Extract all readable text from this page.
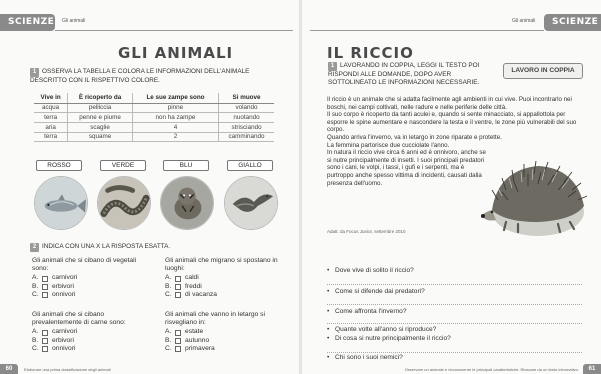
SCIENZE Gli animali
GLI ANIMALI
1 OSSERVA LA TABELLA E COLORA LE INFORMAZIONI DELL'ANIMALE DESCRITTO CON IL RISPETTIVO COLORE.
Vive in	È ricoperto da	Le sue zampe sono	Si muove
acqua	pelliccia	pinne	volando
terra	penne e piume	non ha zampe	nuotando
aria	scaglie	4	strisciando
terra	squame	2	camminando
ROSSO	VERDE	BLU	GIALLO
2 INDICA CON UNA X LA RISPOSTA ESATTA.
Gli animali che si cibano di vegetali sono:
A. carnivori
B. erbivori
C. onnivori
Gli animali che si cibano prevalentemente di carne sono:
A. carnivori
B. erbivori
C. onnivori
Gli animali che migrano si spostano in luoghi:
A. caldi
B. freddi
C. di vacanza
Gli animali che vanno in letargo si risvegliano in:
A. estate
B. autunno
C. primavera
60	Elaborare una prima classificazione degli animali
SCIENZE
Gli animali
IL RICCIO
1 LAVORANDO IN COPPIA, LEGGI IL TESTO POI RISPONDI ALLE DOMANDE, DOPO AVER SOTTOLINEATO LE INFORMAZIONI NECESSARIE.
LAVORO IN COPPIA

Il riccio è un animale che si adatta facilmente agli ambienti in cui vive. Puoi incontrarlo nei boschi, nei campi coltivati, nelle radure e nelle periferie delle città.

Il suo corpo è ricoperto da tanti aculei e, quando si sente minacciato, si appallottola per esporre le spine aumentare e nascondere la testa e il ventre, le zone più vulnerabili del suo corpo.

Quando arriva l'inverno, va in letargo in zone riparate e protette.

La femmina partorisce due cucciolate l'anno.

In natura il riccio vive circa 6 anni ed è onnivoro, anche se si nutre principalmente di insetti. I suoi principali predatori sono i cani, le volpi, i tassi, i gufi e i serpenti, ma è purtroppo anche spesso vittima di incidenti, causati dalla presenza dell'uomo.

Adatt. da Focus Junior, settembre 2010
• Dove vive di solito il riccio?
• Come si difende dai predatori?
• Come affronta l'inverno?
• Quante volte all'anno si riproduce?
• Di cosa si nutre principalmente il riccio?
• Chi sono i suoi nemici?
61
Osservare un animale e riconoscerne le principali caratteristiche. Ricavare da un testo informativo.
